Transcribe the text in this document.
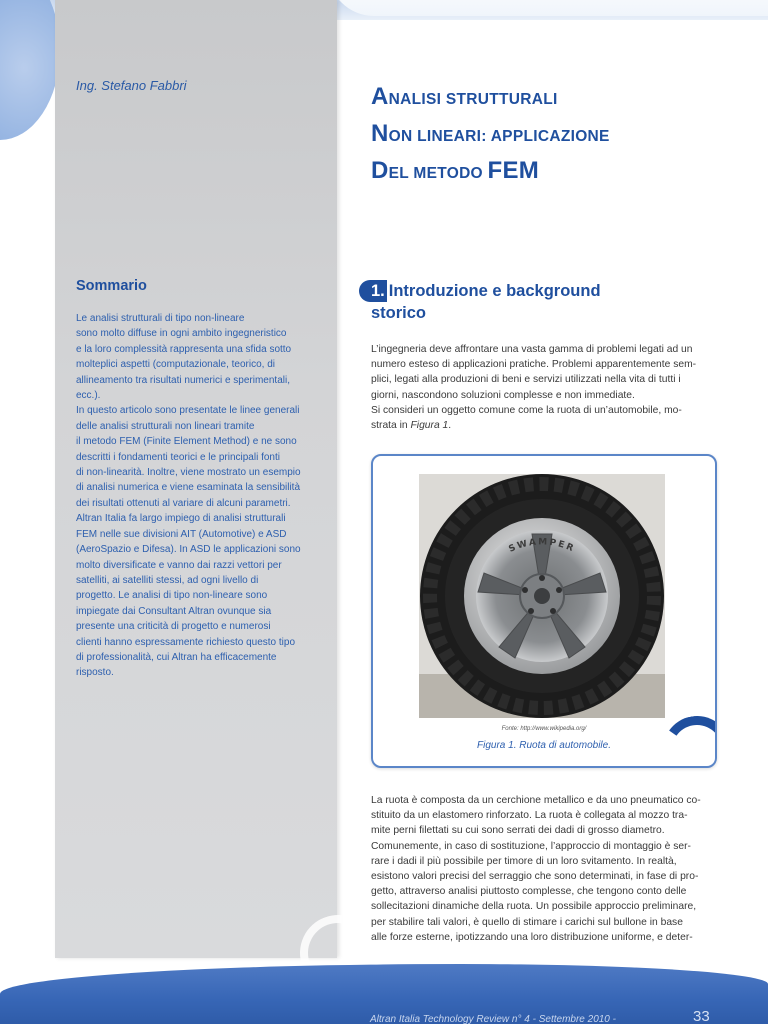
Ing. Stefano Fabbri
Sommario

Le analisi strutturali di tipo non-lineare

sono molto diffuse in ogni ambito ingegneristico

e la loro complessità rappresenta una sfida sotto

molteplici aspetti (computazionale, teorico, di

allineamento tra risultati numerici e sperimentali,

ecc.).

In questo articolo sono presentate le linee generali

delle analisi strutturali non lineari tramite

il metodo FEM (Finite Element Method) e ne sono

descritti i fondamenti teorici e le principali fonti

di non-linearità. Inoltre, viene mostrato un esempio

di analisi numerica e viene esaminata la sensibilità

dei risultati ottenuti al variare di alcuni parametri.

Altran Italia fa largo impiego di analisi strutturali

FEM nelle sue divisioni AIT (Automotive) e ASD

(AeroSpazio e Difesa). In ASD le applicazioni sono

molto diversificate e vanno dai razzi vettori per

satelliti, ai satelliti stessi, ad ogni livello di

progetto. Le analisi di tipo non-lineare sono

impiegate dai Consultant Altran ovunque sia

presente una criticità di progetto e numerosi

clienti hanno espressamente richiesto questo tipo

di professionalità, cui Altran ha efficacemente

risposto.

ANALISI STRUTTURALI
NON LINEARI: APPLICAZIONE
DEL METODO FEM
1. Introduzione e background
storico

L’ingegneria deve affrontare una vasta gamma di problemi legati ad un

numero esteso di applicazioni pratiche. Problemi apparentemente sem-

plici, legati alla produzioni di beni e servizi utilizzati nella vita di tutti i

giorni, nascondono soluzioni complesse e non immediate.

Si consideri un oggetto comune come la ruota di un’automobile, mo-

strata in Figura 1.

SWAMPER
Fonte: http://www.wikipedia.org/
Figura 1. Ruota di automobile.

La ruota è composta da un cerchione metallico e da uno pneumatico co-

stituito da un elastomero rinforzato. La ruota è collegata al mozzo tra-

mite perni filettati su cui sono serrati dei dadi di grosso diametro.

Comunemente, in caso di sostituzione, l’approccio di montaggio è ser-

rare i dadi il più possibile per timore di un loro svitamento. In realtà,

esistono valori precisi del serraggio che sono determinati, in fase di pro-

getto, attraverso analisi piuttosto complesse, che tengono conto delle

sollecitazioni dinamiche della ruota. Un possibile approccio preliminare,

per stabilire tali valori, è quello di stimare i carichi sul bullone in base

alle forze esterne, ipotizzando una loro distribuzione uniforme, e deter-

Altran Italia Technology Review n° 4 - Settembre 2010 -	33
